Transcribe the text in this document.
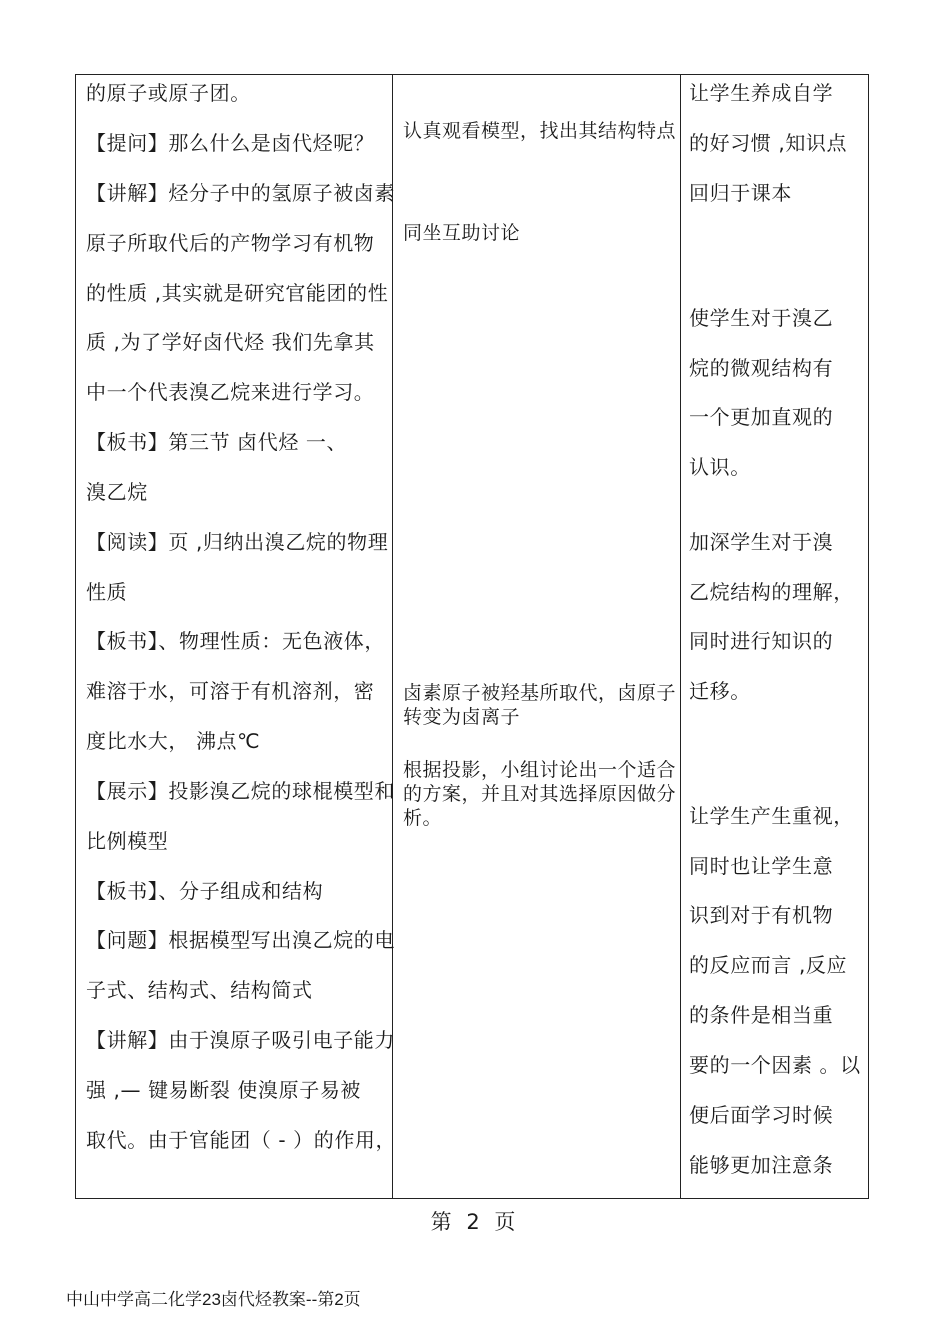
的原子或原子团。
【提问】那么什么是卤代烃呢？
【讲解】烃分子中的氢原子被卤素
原子所取代后的产物学习有机物
的性质 ,其实就是研究官能团的性
质 ,为了学好卤代烃 我们先拿其
中一个代表溴乙烷来进行学习。
【板书】第三节 卤代烃 一、
溴乙烷
【阅读】页 ,归纳出溴乙烷的物理
性质
【板书】、物理性质：无色液体，
难溶于水，可溶于有机溶剂，密
度比水大， 沸点℃
【展示】投影溴乙烷的球棍模型和
比例模型
【板书】、分子组成和结构
【问题】根据模型写出溴乙烷的电
子式、结构式、结构简式
【讲解】由于溴原子吸引电子能力
强 ,— 键易断裂 使溴原子易被
取代。由于官能团（ - ）的作用，
认真观看模型，找出其结构特点
同坐互助讨论
卤素原子被羟基所取代，卤原子转变为卤离子
根据投影，小组讨论出一个适合的方案，并且对其选择原因做分析。
让学生养成自学
的好习惯 ,知识点
回归于课本
使学生对于溴乙
烷的微观结构有
一个更加直观的
认识。
加深学生对于溴
乙烷结构的理解，
同时进行知识的
迁移。
让学生产生重视，
同时也让学生意
识到对于有机物
的反应而言 ,反应
的条件是相当重
要的一个因素 。以
便后面学习时候
能够更加注意条
第 2 页
中山中学高二化学23卤代烃教案--第2页
